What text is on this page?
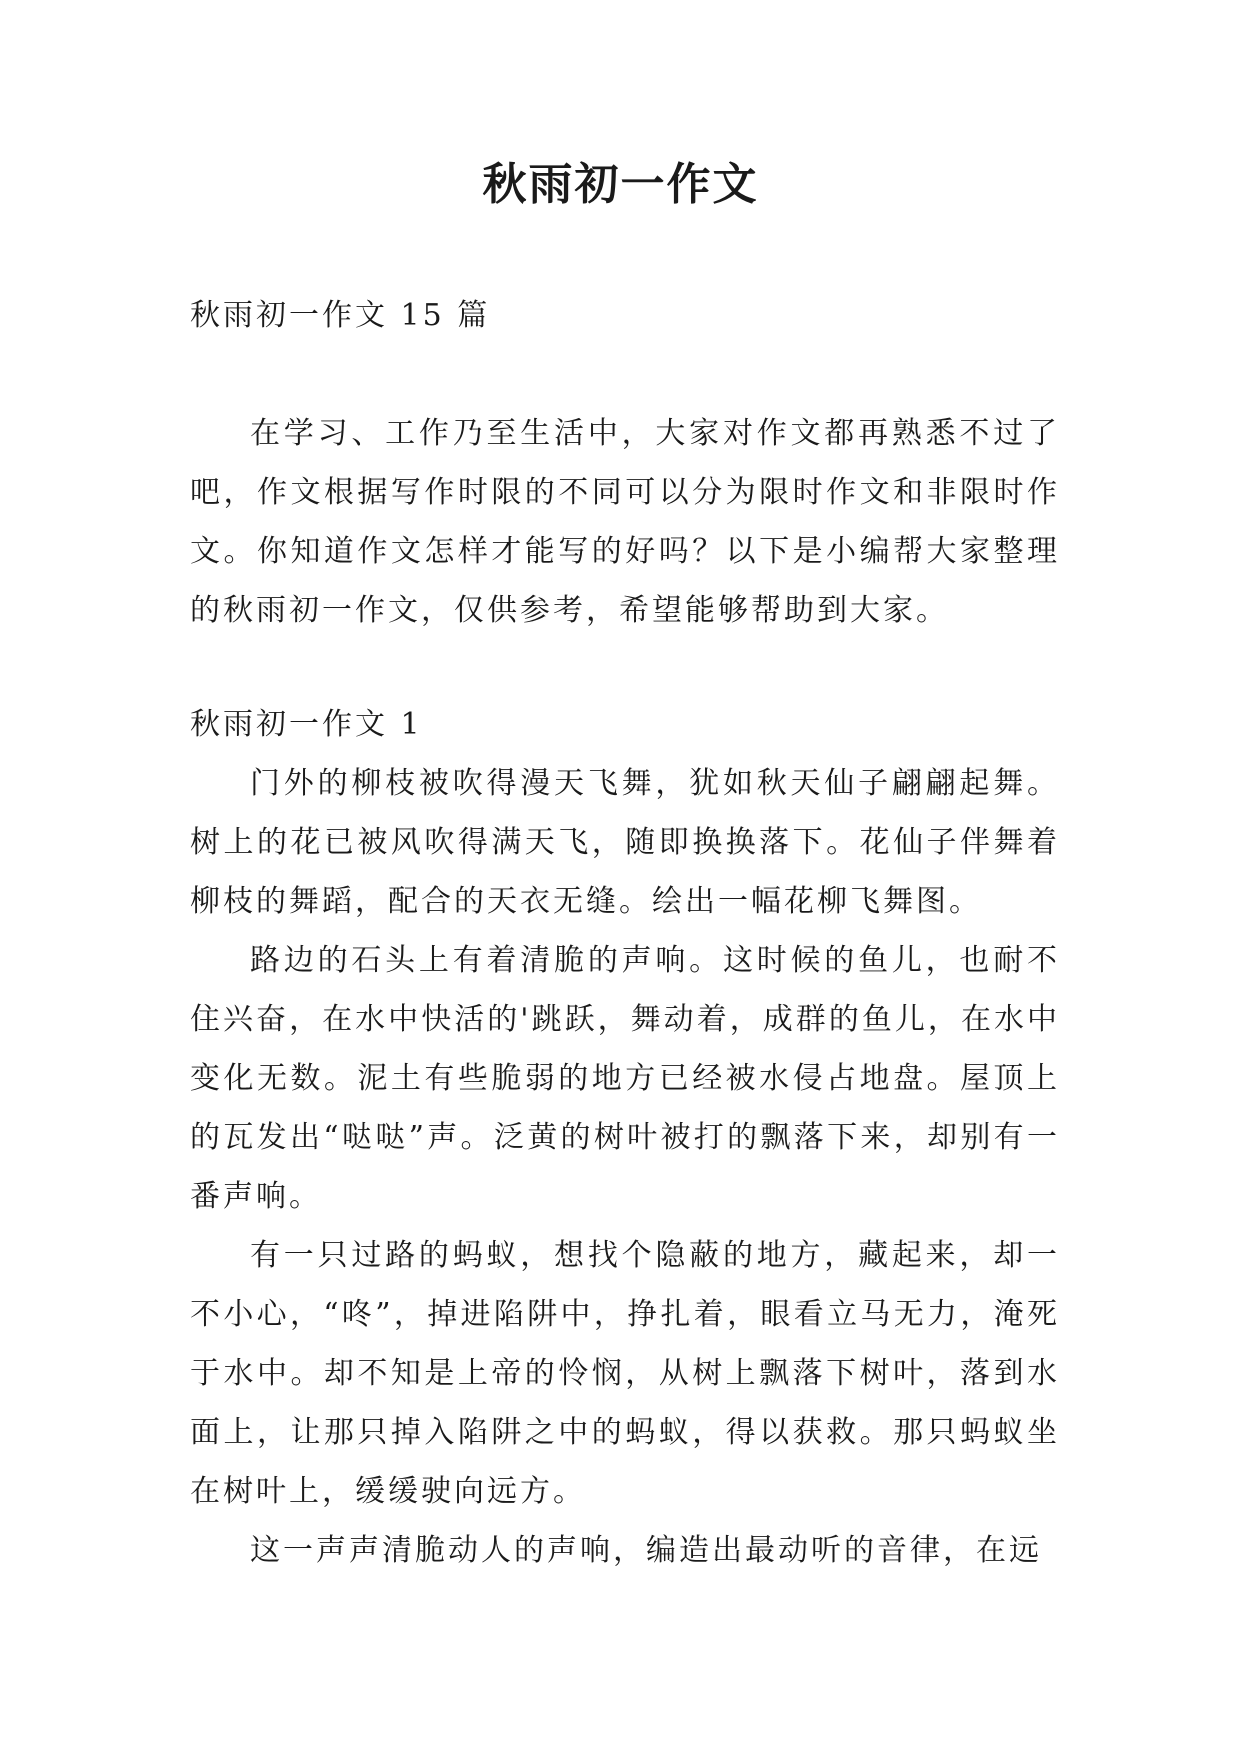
秋雨初一作文

秋雨初一作文 15 篇

在学习、工作乃至生活中，大家对作文都再熟悉不过了吧，作文根据写作时限的不同可以分为限时作文和非限时作文。你知道作文怎样才能写的好吗？以下是小编帮大家整理的秋雨初一作文，仅供参考，希望能够帮助到大家。

秋雨初一作文 1

门外的柳枝被吹得漫天飞舞，犹如秋天仙子翩翩起舞。树上的花已被风吹得满天飞，随即换换落下。花仙子伴舞着柳枝的舞蹈，配合的天衣无缝。绘出一幅花柳飞舞图。

路边的石头上有着清脆的声响。这时候的鱼儿，也耐不住兴奋，在水中快活的'跳跃，舞动着，成群的鱼儿，在水中变化无数。泥土有些脆弱的地方已经被水侵占地盘。屋顶上的瓦发出“哒哒”声。泛黄的树叶被打的飘落下来，却别有一番声响。

有一只过路的蚂蚁，想找个隐蔽的地方，藏起来，却一不小心，“咚”，掉进陷阱中，挣扎着，眼看立马无力，淹死于水中。却不知是上帝的怜悯，从树上飘落下树叶，落到水面上，让那只掉入陷阱之中的蚂蚁，得以获救。那只蚂蚁坐在树叶上，缓缓驶向远方。

这一声声清脆动人的声响，编造出最动听的音律，在远
